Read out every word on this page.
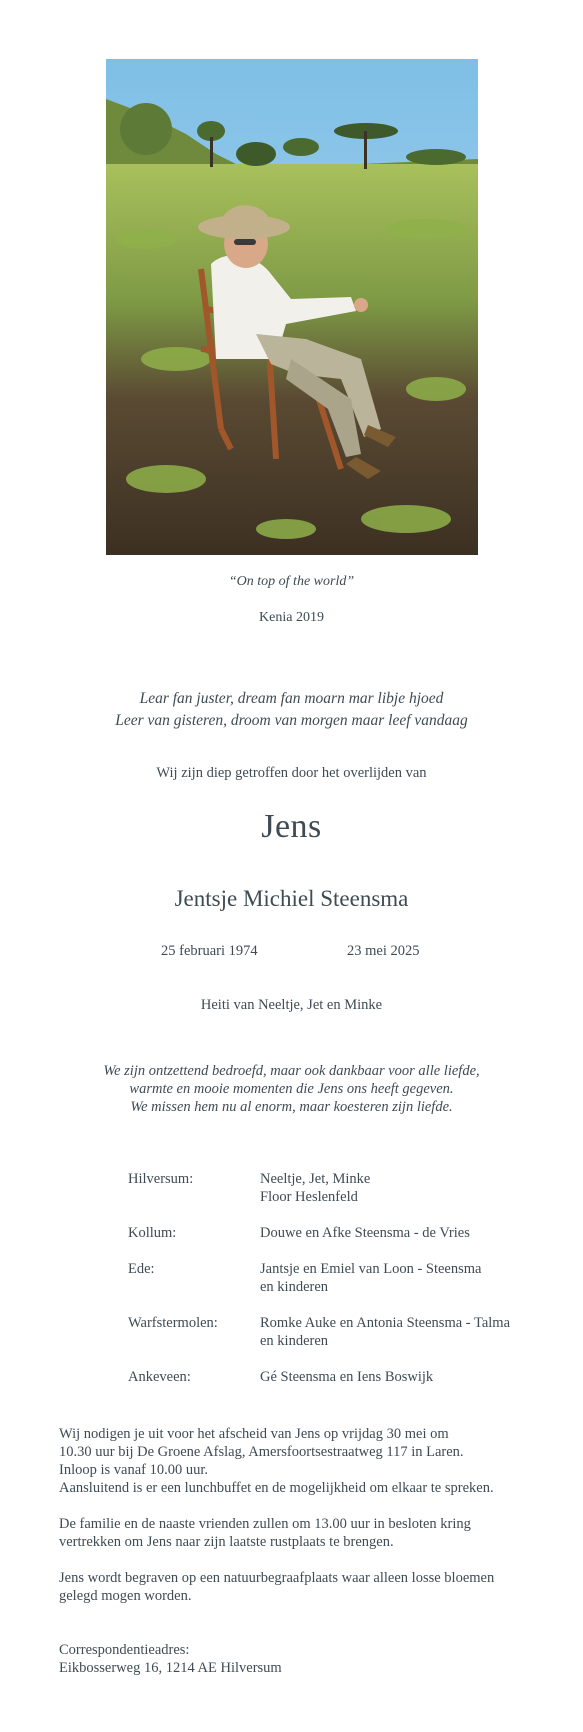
“On top of the world”
Kenia 2019
Lear fan juster, dream fan moarn mar libje hjoed
Leer van gisteren, droom van morgen maar leef vandaag
Wij zijn diep getroffen door het overlijden van
Jens
Jentsje Michiel Steensma
25 februari 1974	23 mei 2025
Heiti van Neeltje, Jet en Minke
We zijn ontzettend bedroefd, maar ook dankbaar voor alle liefde,
warmte en mooie momenten die Jens ons heeft gegeven.
We missen hem nu al enorm, maar koesteren zijn liefde.
Hilversum:	Neeltje, Jet, Minke
Floor Heslenfeld
Kollum:	Douwe en Afke Steensma - de Vries
Ede:	Jantsje en Emiel van Loon - Steensma
en kinderen
Warfstermolen:	Romke Auke en Antonia Steensma - Talma
en kinderen
Ankeveen:	Gé Steensma en Iens Boswijk
Wij nodigen je uit voor het afscheid van Jens op vrijdag 30 mei om
10.30 uur bij De Groene Afslag, Amersfoortsestraatweg 117 in Laren.
Inloop is vanaf 10.00 uur.
Aansluitend is er een lunchbuffet en de mogelijkheid om elkaar te spreken.
De familie en de naaste vrienden zullen om 13.00 uur in besloten kring
vertrekken om Jens naar zijn laatste rustplaats te brengen.
Jens wordt begraven op een natuurbegraafplaats waar alleen losse bloemen
gelegd mogen worden.
Correspondentieadres:
Eikbosserweg 16, 1214 AE Hilversum
